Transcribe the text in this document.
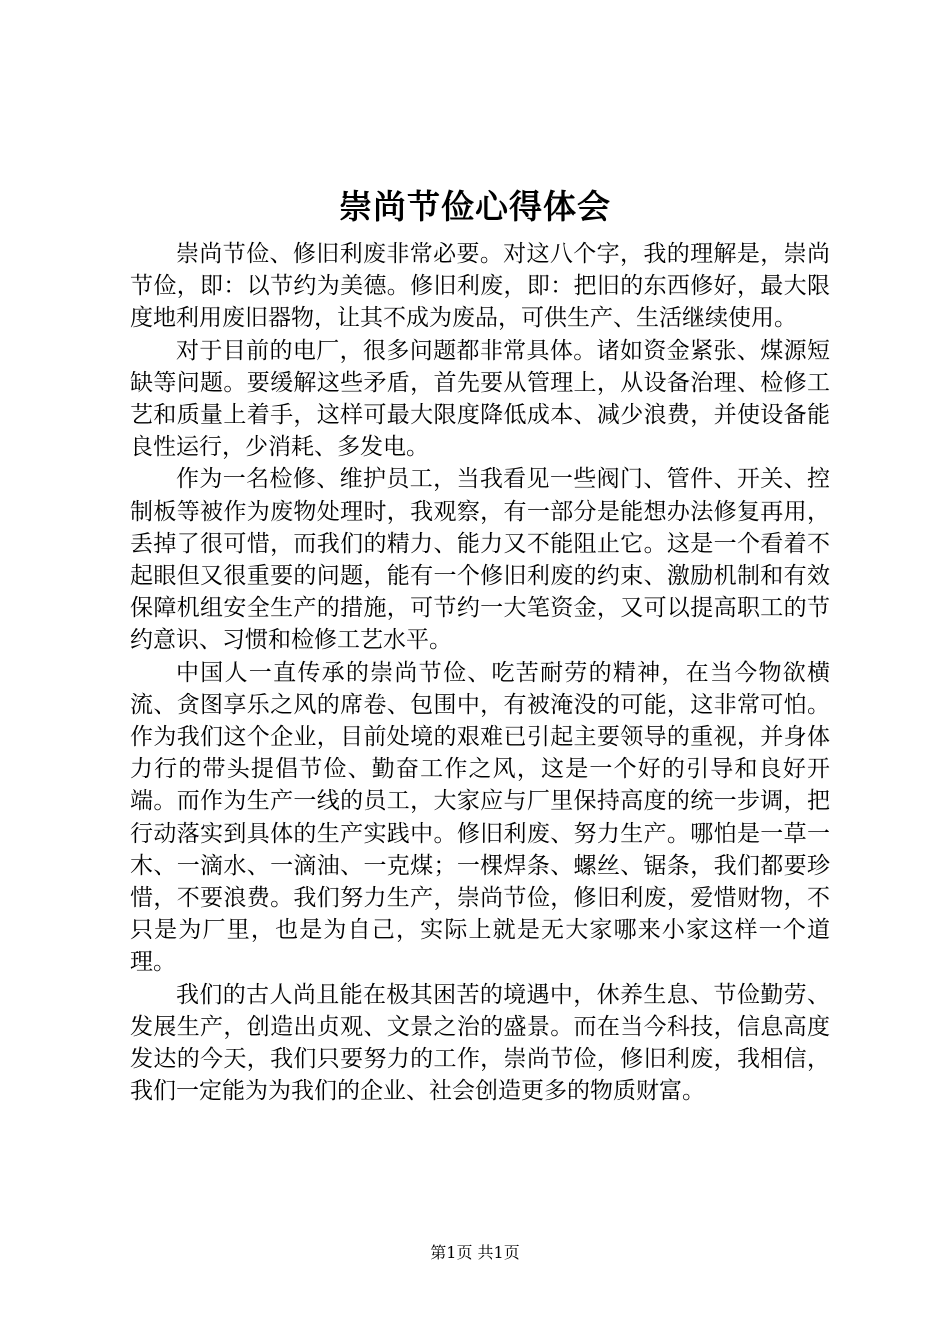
崇尚节俭心得体会

崇尚节俭、修旧利废非常必要。对这八个字，我的理解是，崇尚节俭，即：以节约为美德。修旧利废，即：把旧的东西修好，最大限度地利用废旧器物，让其不成为废品，可供生产、生活继续使用。

对于目前的电厂，很多问题都非常具体。诸如资金紧张、煤源短缺等问题。要缓解这些矛盾，首先要从管理上，从设备治理、检修工艺和质量上着手，这样可最大限度降低成本、减少浪费，并使设备能良性运行，少消耗、多发电。

作为一名检修、维护员工，当我看见一些阀门、管件、开关、控制板等被作为废物处理时，我观察，有一部分是能想办法修复再用，丢掉了很可惜，而我们的精力、能力又不能阻止它。这是一个看着不起眼但又很重要的问题，能有一个修旧利废的约束、激励机制和有效保障机组安全生产的措施，可节约一大笔资金，又可以提高职工的节约意识、习惯和检修工艺水平。

中国人一直传承的崇尚节俭、吃苦耐劳的精神，在当今物欲横流、贪图享乐之风的席卷、包围中，有被淹没的可能，这非常可怕。作为我们这个企业，目前处境的艰难已引起主要领导的重视，并身体力行的带头提倡节俭、勤奋工作之风，这是一个好的引导和良好开端。而作为生产一线的员工，大家应与厂里保持高度的统一步调，把行动落实到具体的生产实践中。修旧利废、努力生产。哪怕是一草一木、一滴水、一滴油、一克煤；一棵焊条、螺丝、锯条，我们都要珍惜，不要浪费。我们努力生产，崇尚节俭，修旧利废，爱惜财物，不只是为厂里，也是为自己，实际上就是无大家哪来小家这样一个道理。

我们的古人尚且能在极其困苦的境遇中，休养生息、节俭勤劳、发展生产，创造出贞观、文景之治的盛景。而在当今科技，信息高度发达的今天，我们只要努力的工作，崇尚节俭，修旧利废，我相信，我们一定能为为我们的企业、社会创造更多的物质财富。

第1页 共1页
